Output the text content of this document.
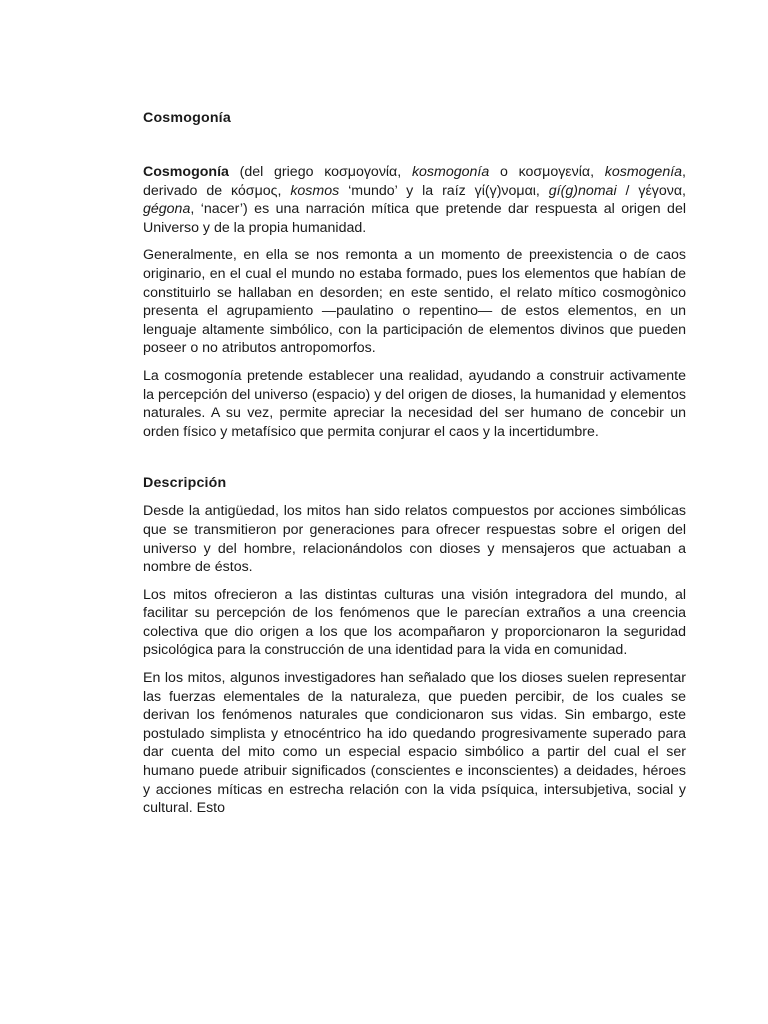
Cosmogonía

Cosmogonía (del griego κοσμογονία, kosmogonía o κοσμογενία, kosmogenía, derivado de κόσμος, kosmos ‘mundo’ y la raíz γί(γ)νομαι, gí(g)nomai / γέγονα, gégona, ‘nacer’) es una narración mítica que pretende dar respuesta al origen del Universo y de la propia humanidad.

Generalmente, en ella se nos remonta a un momento de preexistencia o de caos originario, en el cual el mundo no estaba formado, pues los elementos que habían de constituirlo se hallaban en desorden; en este sentido, el relato mítico cosmogònico presenta el agrupamiento —paulatino o repentino— de estos elementos, en un lenguaje altamente simbólico, con la participación de elementos divinos que pueden poseer o no atributos antropomorfos.

La cosmogonía pretende establecer una realidad, ayudando a construir activamente la percepción del universo (espacio) y del origen de dioses, la humanidad y elementos naturales. A su vez, permite apreciar la necesidad del ser humano de concebir un orden físico y metafísico que permita conjurar el caos y la incertidumbre.

Descripción

Desde la antigüedad, los mitos han sido relatos compuestos por acciones simbólicas que se transmitieron por generaciones para ofrecer respuestas sobre el origen del universo y del hombre, relacionándolos con dioses y mensajeros que actuaban a nombre de éstos.

Los mitos ofrecieron a las distintas culturas una visión integradora del mundo, al facilitar su percepción de los fenómenos que le parecían extraños a una creencia colectiva que dio origen a los que los acompañaron y proporcionaron la seguridad psicológica para la construcción de una identidad para la vida en comunidad.

En los mitos, algunos investigadores han señalado que los dioses suelen representar las fuerzas elementales de la naturaleza, que pueden percibir, de los cuales se derivan los fenómenos naturales que condicionaron sus vidas. Sin embargo, este postulado simplista y etnocéntrico ha ido quedando progresivamente superado para dar cuenta del mito como un especial espacio simbólico a partir del cual el ser humano puede atribuir significados (conscientes e inconscientes) a deidades, héroes y acciones míticas en estrecha relación con la vida psíquica, intersubjetiva, social y cultural. Esto
